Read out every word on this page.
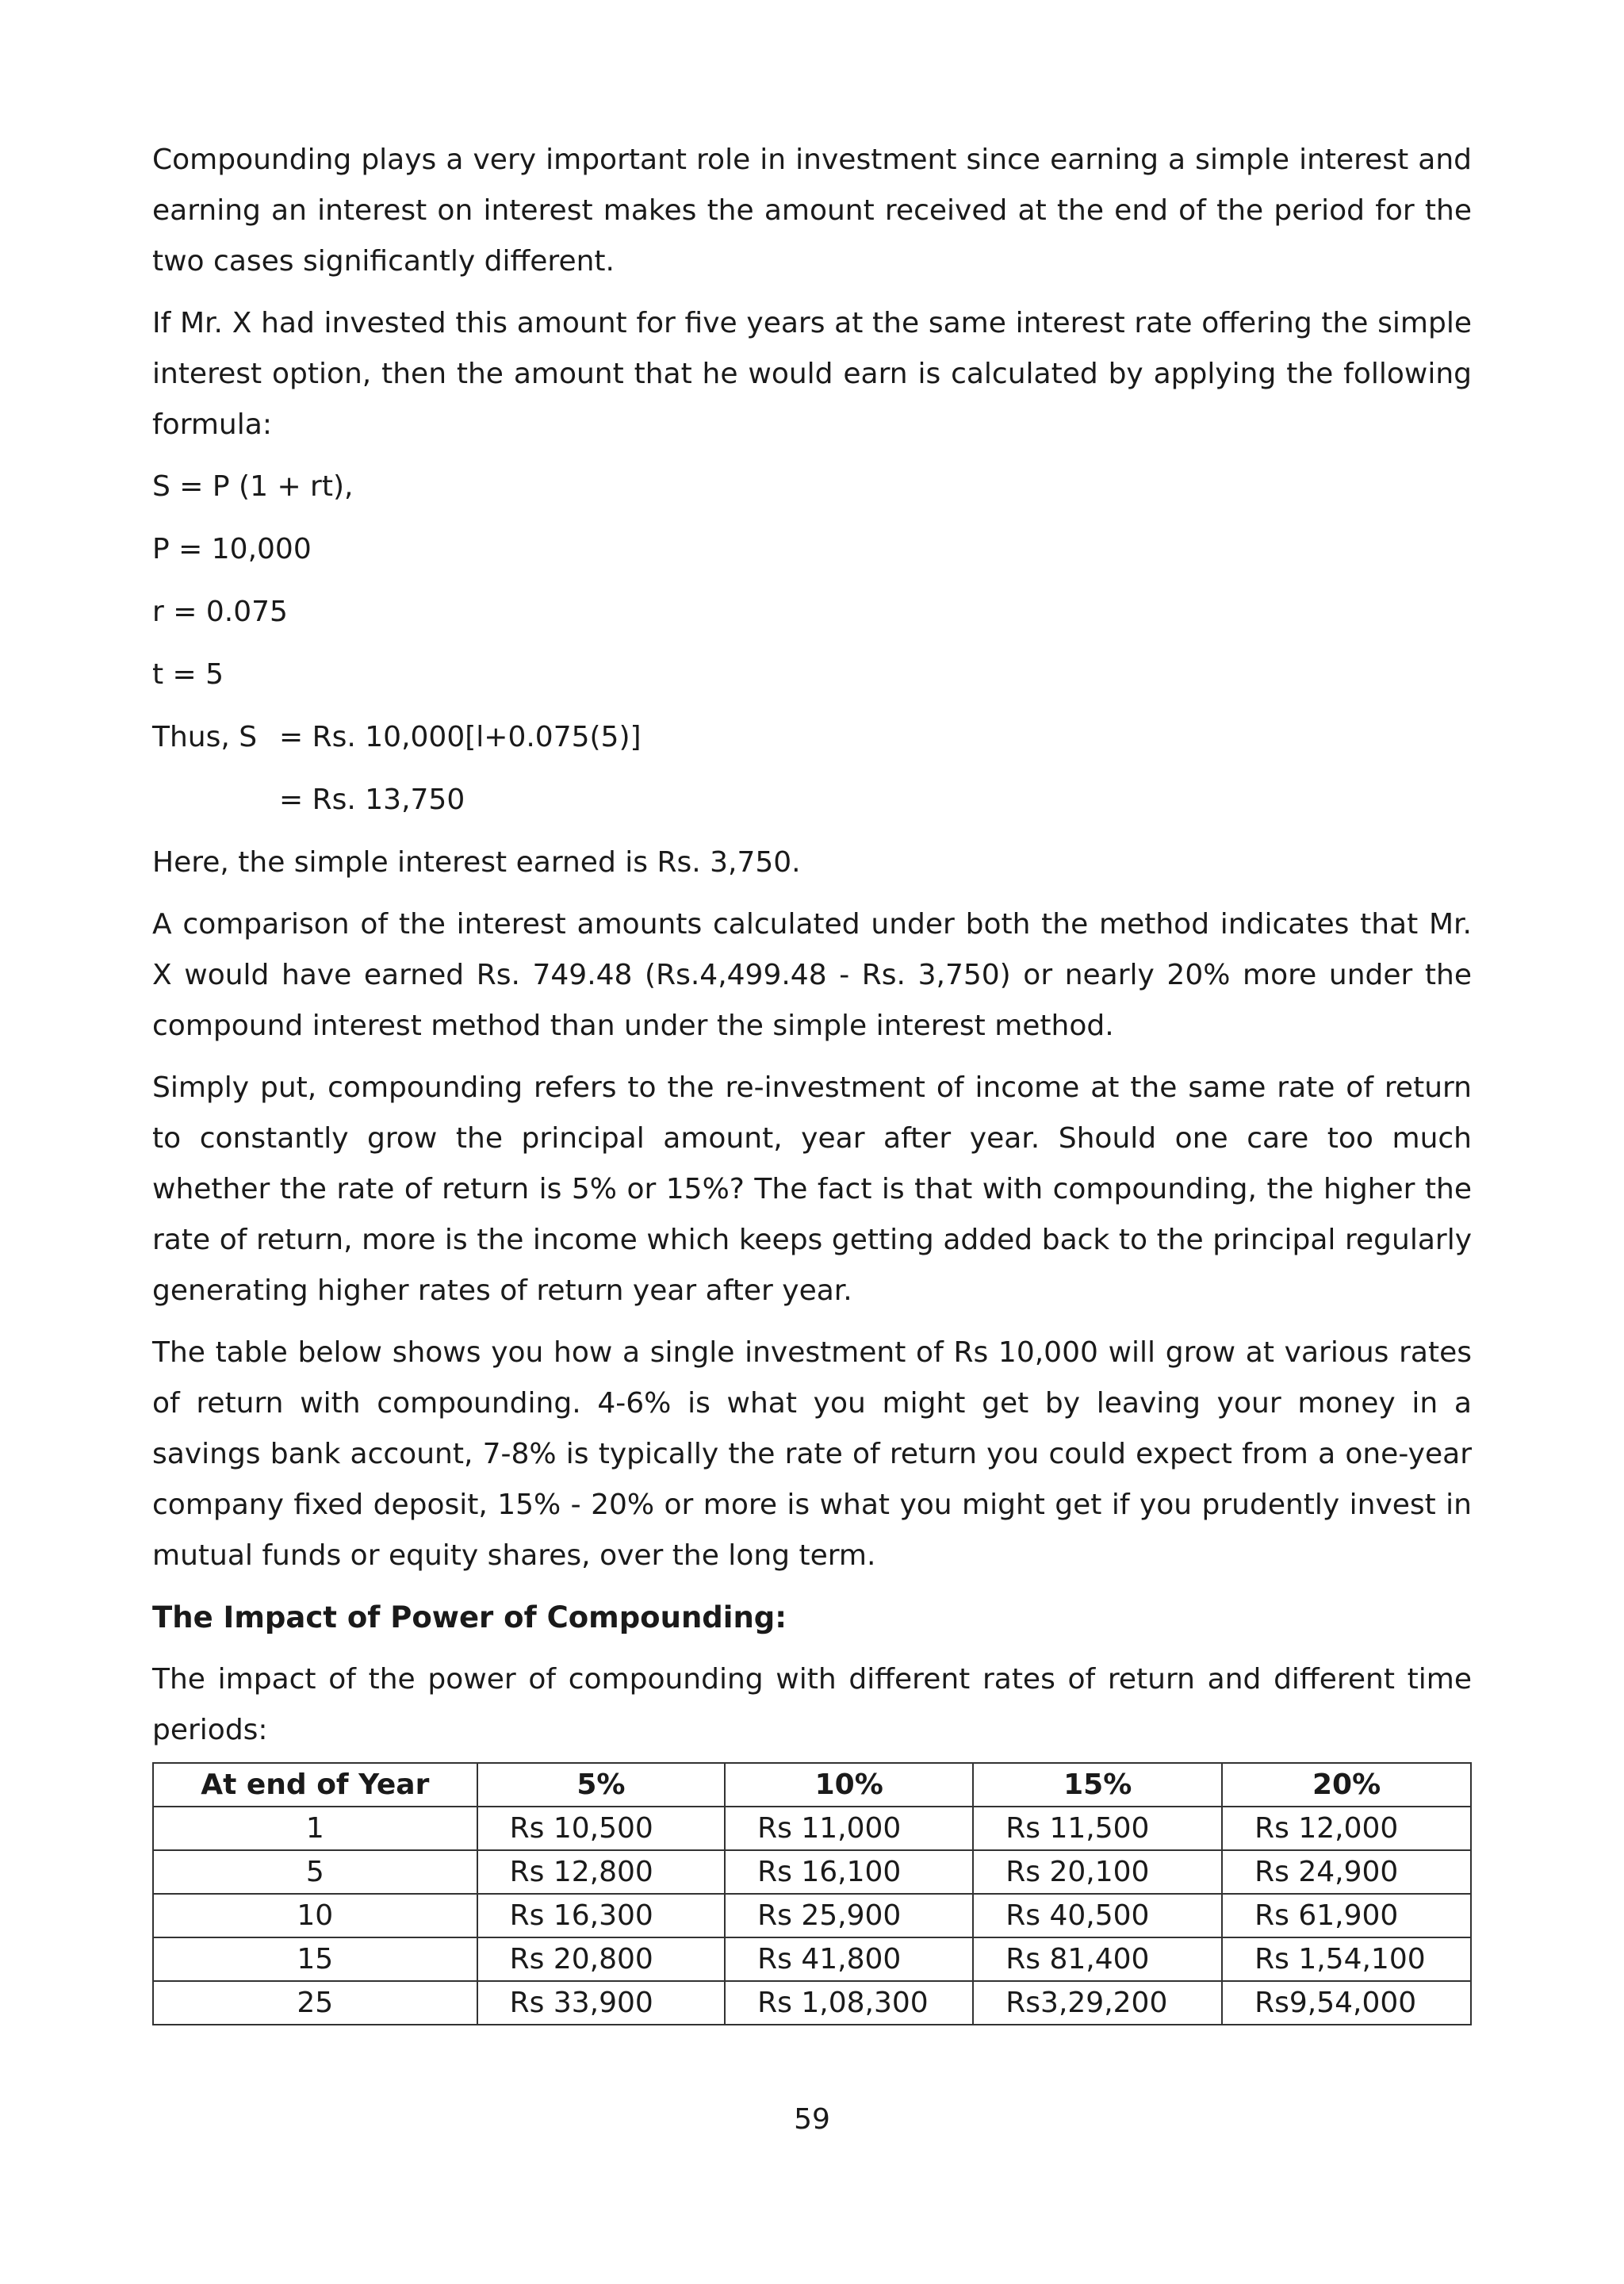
Compounding plays a very important role in investment since earning a simple interest and earning an interest on interest makes the amount received at the end of the period for the two cases significantly different.

If Mr. X had invested this amount for five years at the same interest rate offering the simple interest option, then the amount that he would earn is calculated by applying the following formula:

S = P (1 + rt),

P = 10,000

r = 0.075

t = 5

Thus, S = Rs. 10,000[l+0.075(5)]
= Rs. 13,750

Here, the simple interest earned is Rs. 3,750.

A comparison of the interest amounts calculated under both the method indicates that Mr. X would have earned Rs. 749.48 (Rs.4,499.48 - Rs. 3,750) or nearly 20% more under the compound interest method than under the simple interest method.

Simply put, compounding refers to the re-investment of income at the same rate of return to constantly grow the principal amount, year after year. Should one care too much whether the rate of return is 5% or 15%? The fact is that with compounding, the higher the rate of return, more is the income which keeps getting added back to the principal regularly generating higher rates of return year after year.

The table below shows you how a single investment of Rs 10,000 will grow at various rates of return with compounding. 4-6% is what you might get by leaving your money in a savings bank account, 7-8% is typically the rate of return you could expect from a one-year company fixed deposit, 15% - 20% or more is what you might get if you prudently invest in mutual funds or equity shares, over the long term.

The Impact of Power of Compounding:

The impact of the power of compounding with different rates of return and different time periods:

At end of Year	5%	10%	15%	20%
1	Rs 10,500	Rs 11,000	Rs 11,500	Rs 12,000
5	Rs 12,800	Rs 16,100	Rs 20,100	Rs 24,900
10	Rs 16,300	Rs 25,900	Rs 40,500	Rs 61,900
15	Rs 20,800	Rs 41,800	Rs 81,400	Rs 1,54,100
25	Rs 33,900	Rs 1,08,300	Rs3,29,200	Rs9,54,000
59
